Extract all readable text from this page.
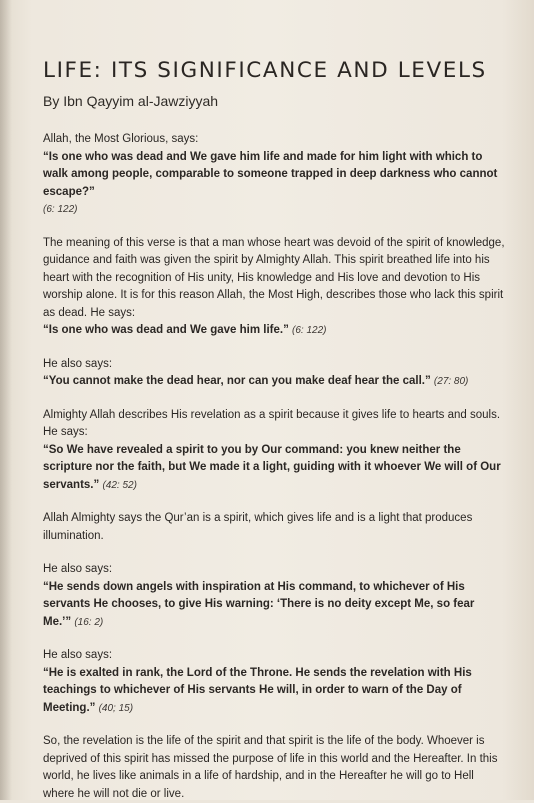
LIFE: ITS SIGNIFICANCE AND LEVELS

By Ibn Qayyim al-Jawziyyah

Allah, the Most Glorious, says:

“Is one who was dead and We gave him life and made for him light with which to walk among people, comparable to someone trapped in deep darkness who cannot escape?”

(6: 122)

The meaning of this verse is that a man whose heart was devoid of the spirit of knowledge, guidance and faith was given the spirit by Almighty Allah. This spirit breathed life into his heart with the recognition of His unity, His knowledge and His love and devotion to His worship alone. It is for this reason Allah, the Most High, describes those who lack this spirit as dead. He says:

“Is one who was dead and We gave him life.” (6: 122)

He also says:

“You cannot make the dead hear, nor can you make deaf hear the call.” (27: 80)

Almighty Allah describes His revelation as a spirit because it gives life to hearts and souls. He says:

“So We have revealed a spirit to you by Our command: you knew neither the scripture nor the faith, but We made it a light, guiding with it whoever We will of Our servants.” (42: 52)

Allah Almighty says the Qur’an is a spirit, which gives life and is a light that produces illumination.

He also says:

“He sends down angels with inspiration at His command, to whichever of His servants He chooses, to give His warning: ‘There is no deity except Me, so fear Me.’” (16: 2)

He also says:

“He is exalted in rank, the Lord of the Throne. He sends the revelation with His teachings to whichever of His servants He will, in order to warn of the Day of Meeting.” (40; 15)

So, the revelation is the life of the spirit and that spirit is the life of the body. Whoever is deprived of this spirit has missed the purpose of life in this world and the Hereafter. In this world, he lives like animals in a life of hardship, and in the Hereafter he will go to Hell where he will not die or live.
